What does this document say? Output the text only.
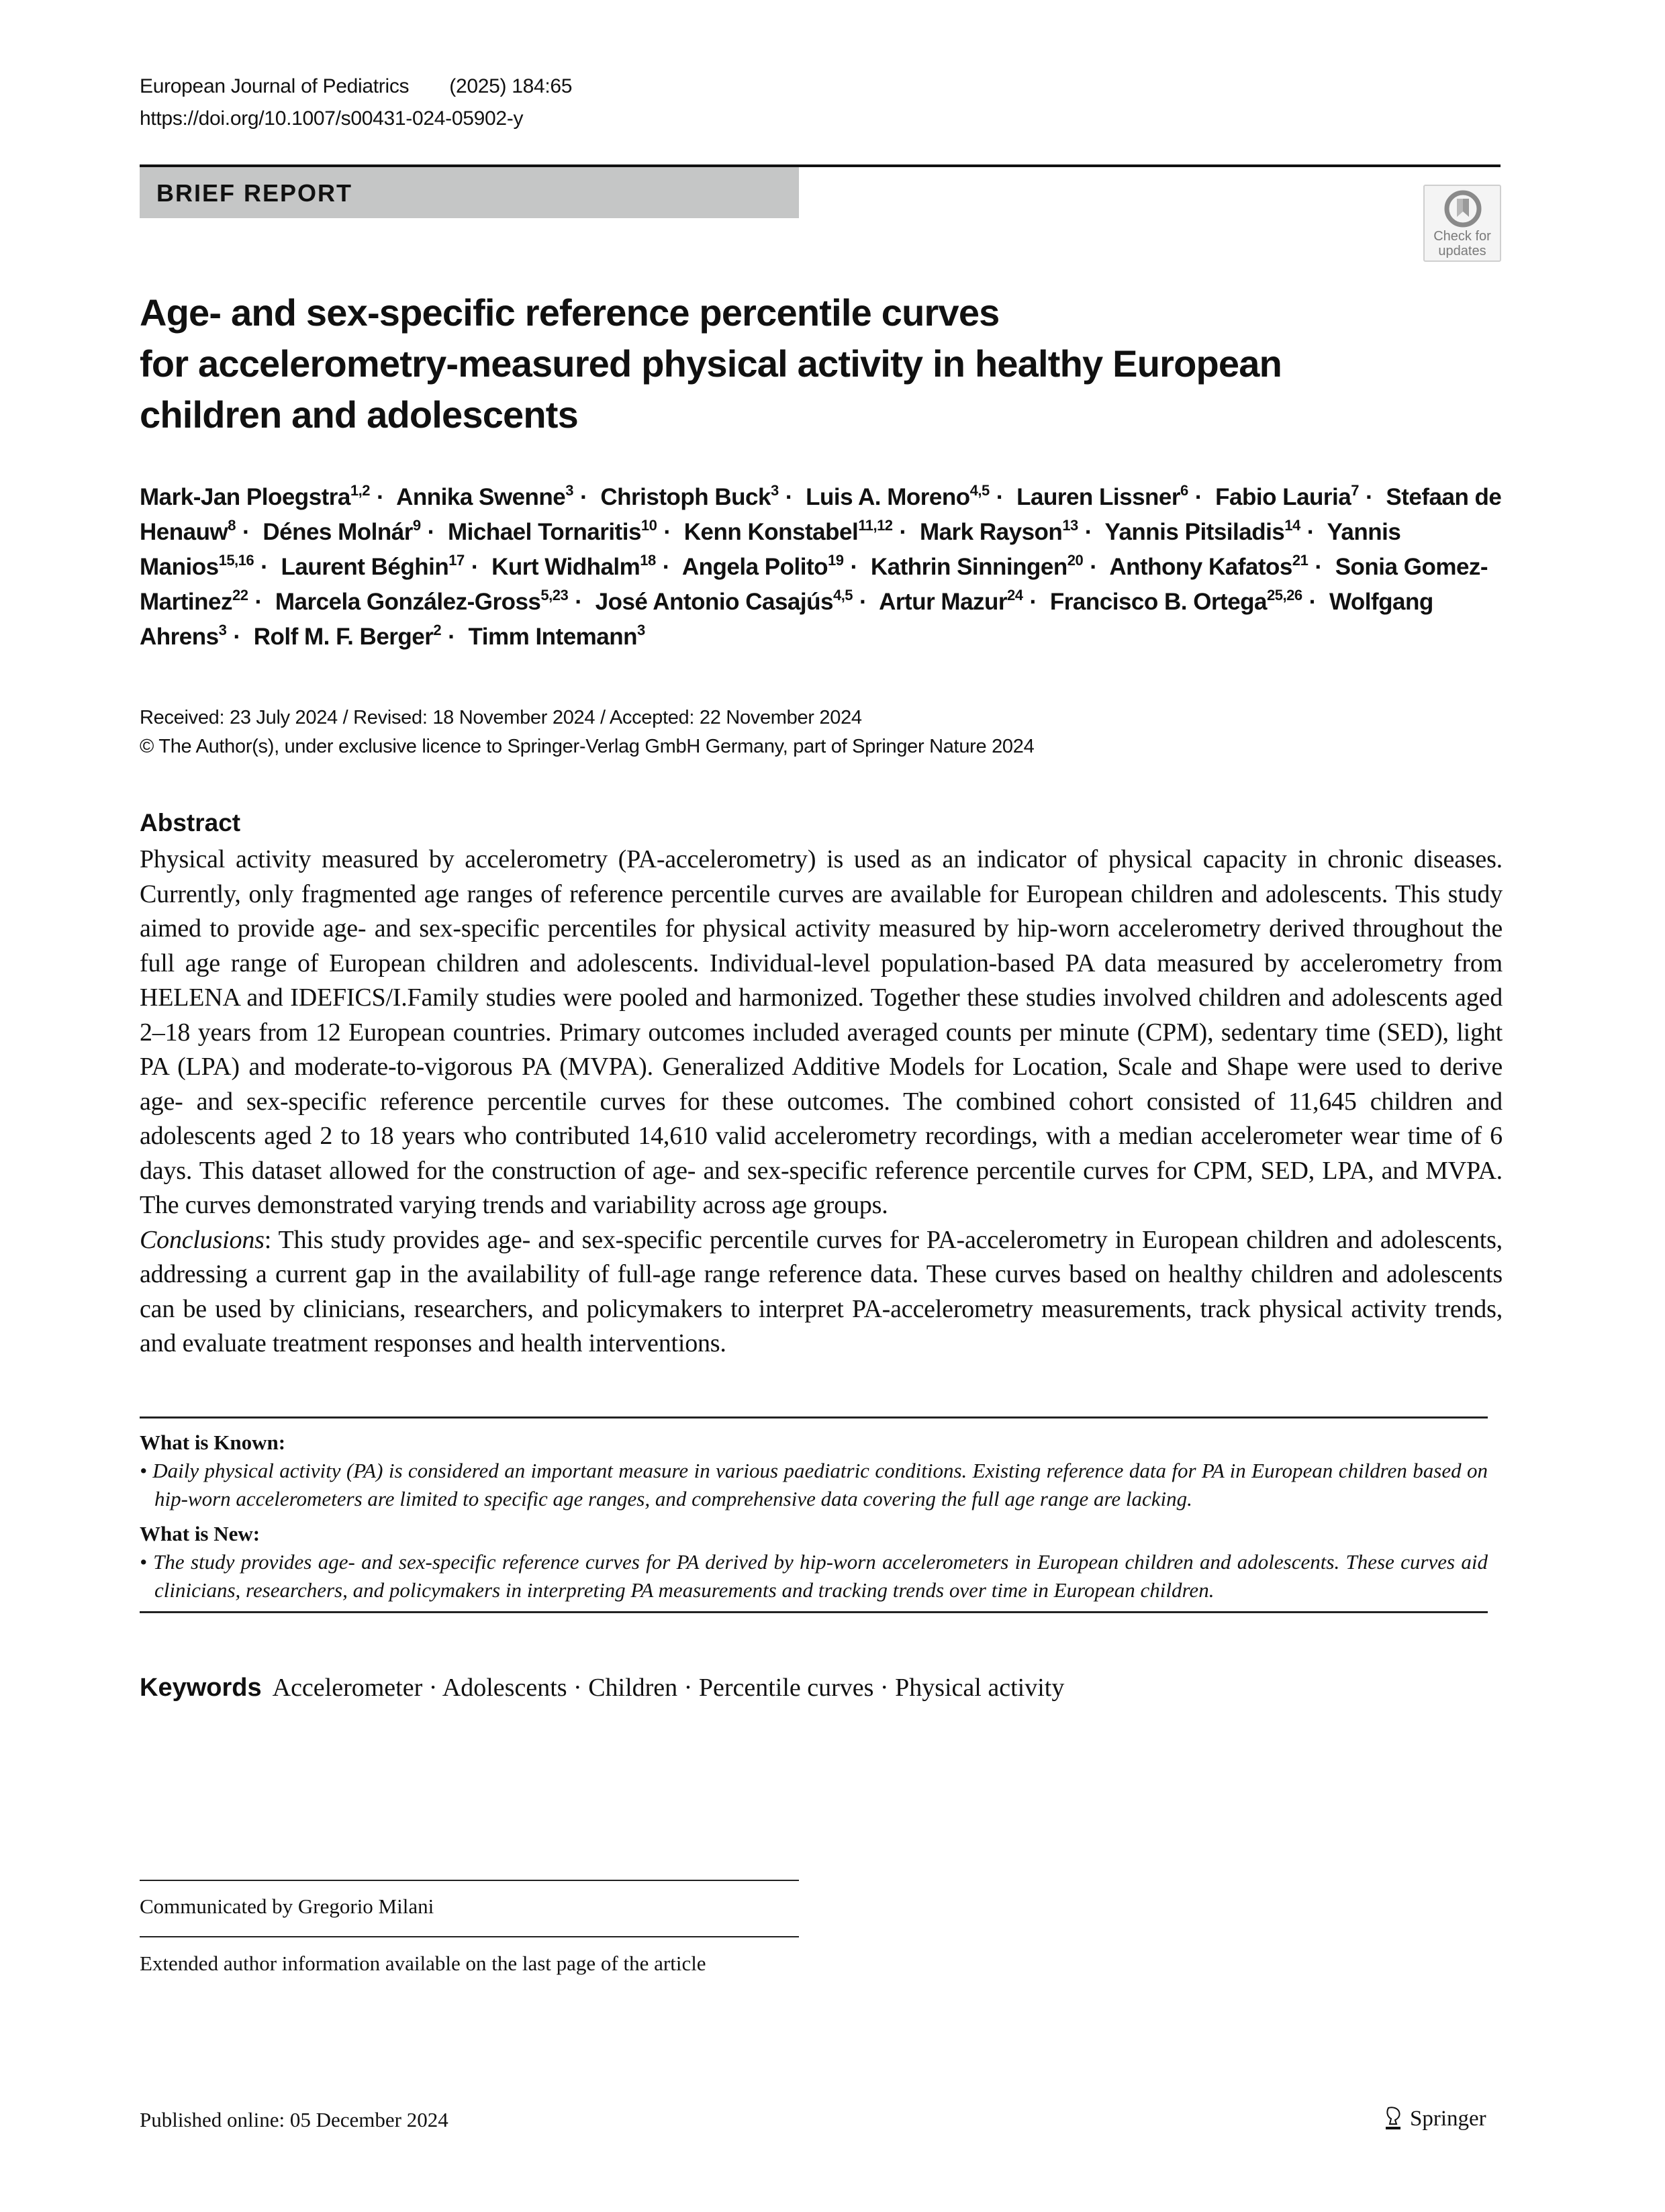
European Journal of Pediatrics (2025) 184:65
https://doi.org/10.1007/s00431-024-05902-y
BRIEF REPORT
Check for
updates
Age- and sex-specific reference percentile curves
for accelerometry-measured physical activity in healthy European
children and adolescents
Mark-Jan Ploegstra$^{1,2}$ · Annika Swenne$^3$ · Christoph Buck$^3$ · Luis A. Moreno$^{4,5}$ · Lauren Lissner$^6$ · Fabio Lauria$^7$ · Stefaan de Henauw$^8$ · Dénes Molnár$^9$ · Michael Tornaritis$^{10}$ · Kenn Konstabel$^{11,12}$ · Mark Rayson$^{13}$ · Yannis Pitsiladis$^{14}$ · Yannis Manios$^{15,16}$ · Laurent Béghin$^{17}$ · Kurt Widhalm$^{18}$ · Angela Polito$^{19}$ · Kathrin Sinningen$^{20}$ · Anthony Kafatos$^{21}$ · Sonia Gomez-Martinez$^{22}$ · Marcela González-Gross$^{5,23}$ · José Antonio Casajús$^{4,5}$ · Artur Mazur$^{24}$ · Francisco B. Ortega$^{25,26}$ · Wolfgang Ahrens$^3$ · Rolf M. F. Berger$^2$ · Timm Intemann$^3$
Received: 23 July 2024 / Revised: 18 November 2024 / Accepted: 22 November 2024
© The Author(s), under exclusive licence to Springer-Verlag GmbH Germany, part of Springer Nature 2024
Abstract

Physical activity measured by accelerometry (PA-accelerometry) is used as an indicator of physical capacity in chronic diseases. Currently, only fragmented age ranges of reference percentile curves are available for European children and adolescents. This study aimed to provide age- and sex-specific percentiles for physical activity measured by hip-worn accelerometry derived throughout the full age range of European children and adolescents. Individual-level population-based PA data measured by accelerometry from HELENA and IDEFICS/I.Family studies were pooled and harmonized. Together these studies involved children and adolescents aged 2–18 years from 12 European countries. Primary outcomes included averaged counts per minute (CPM), sedentary time (SED), light PA (LPA) and moderate-to-vigorous PA (MVPA). Generalized Additive Models for Location, Scale and Shape were used to derive age- and sex-specific reference percentile curves for these outcomes. The combined cohort consisted of 11,645 children and adolescents aged 2 to 18 years who contributed 14,610 valid accelerometry recordings, with a median accelerometer wear time of 6 days. This dataset allowed for the construction of age- and sex-specific reference percentile curves for CPM, SED, LPA, and MVPA. The curves demonstrated varying trends and variability across age groups.

Conclusions: This study provides age- and sex-specific percentile curves for PA-accelerometry in European children and adolescents, addressing a current gap in the availability of full-age range reference data. These curves based on healthy children and adolescents can be used by clinicians, researchers, and policymakers to interpret PA-accelerometry measurements, track physical activity trends, and evaluate treatment responses and health interventions.

What is Known:

• Daily physical activity (PA) is considered an important measure in various paediatric conditions. Existing reference data for PA in European children based on hip-worn accelerometers are limited to specific age ranges, and comprehensive data covering the full age range are lacking.

What is New:

• The study provides age- and sex-specific reference curves for PA derived by hip-worn accelerometers in European children and adolescents. These curves aid clinicians, researchers, and policymakers in interpreting PA measurements and tracking trends over time in European children.

Keywords Accelerometer · Adolescents · Children · Percentile curves · Physical activity
Communicated by Gregorio Milani
Extended author information available on the last page of the article
Published online: 05 December 2024	Springer
